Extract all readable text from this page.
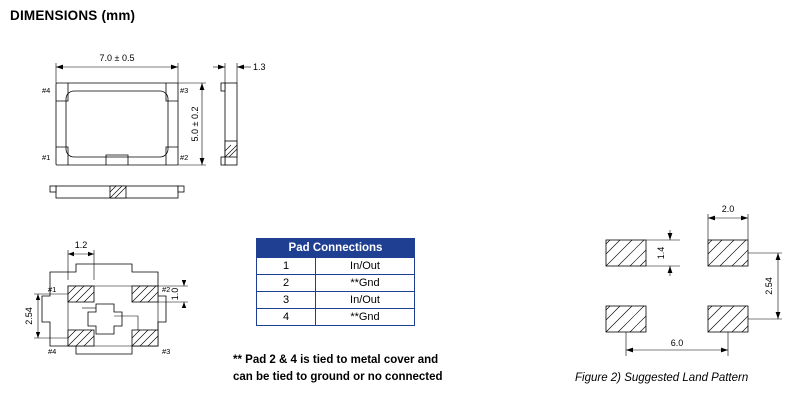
DIMENSIONS (mm)
7.0 ± 0.5
5.0 ± 0.2
#4	#3
#1	#2
1.3
1.2
2.54
1.0
#1	#2
#4	#3
Pad Connections	
1	In/Out
2	**Gnd
3	In/Out
4	**Gnd
** Pad 2 & 4 is tied to metal cover and
can be tied to ground or no connected
2.0
1.4
2.54
6.0
Figure 2) Suggested Land Pattern
